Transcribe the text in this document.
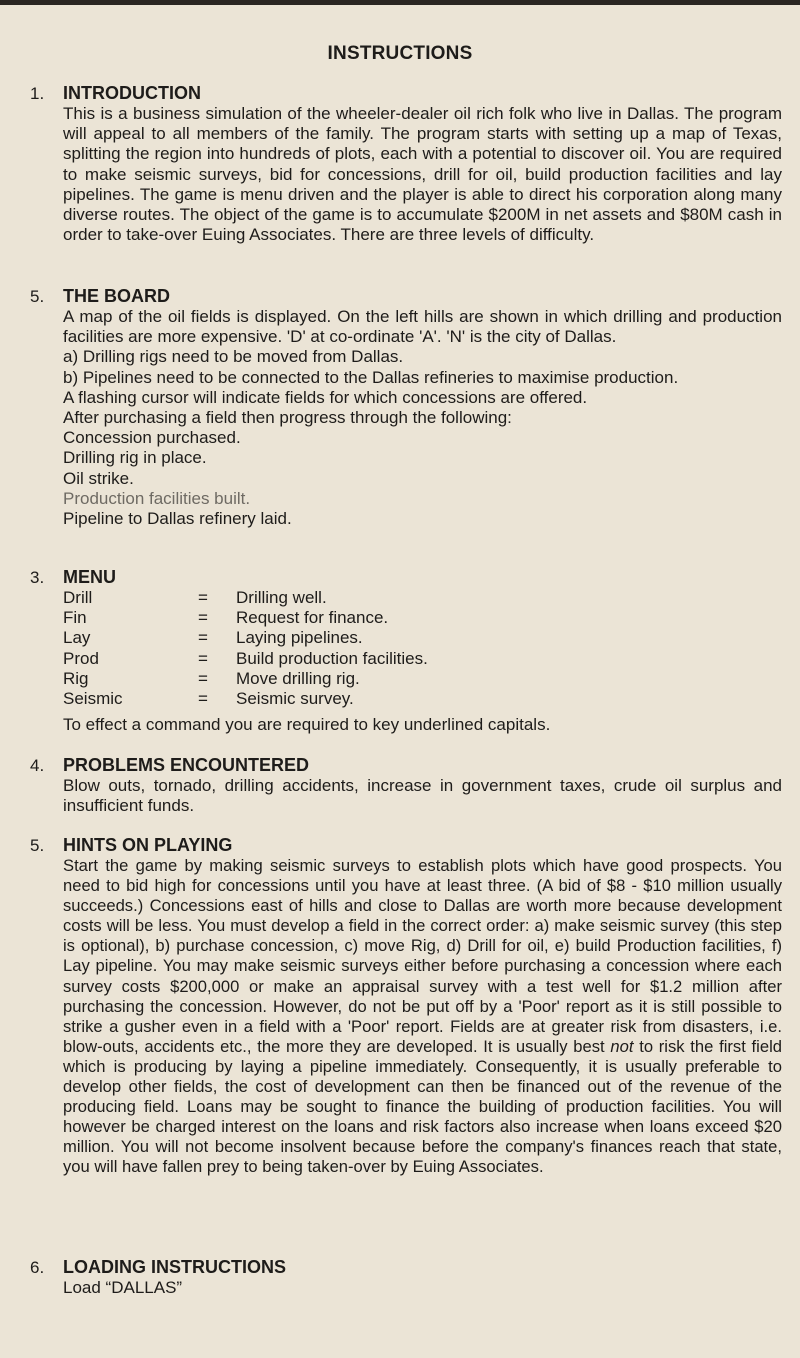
INSTRUCTIONS
1.	INTRODUCTION
This is a business simulation of the wheeler-dealer oil rich folk who live in Dallas. The program will appeal to all members of the family. The program starts with setting up a map of Texas, splitting the region into hundreds of plots, each with a potential to discover oil. You are required to make seismic surveys, bid for concessions, drill for oil, build production facilities and lay pipelines. The game is menu driven and the player is able to direct his corporation along many diverse routes. The object of the game is to accumulate $200M in net assets and $80M cash in order to take-over Euing Associates. There are three levels of difficulty.
5.	THE BOARD
A map of the oil fields is displayed. On the left hills are shown in which drilling and production facilities are more expensive. 'D' at co-ordinate 'A'. 'N' is the city of Dallas.
a) Drilling rigs need to be moved from Dallas.
b) Pipelines need to be connected to the Dallas refineries to maximise production.
A flashing cursor will indicate fields for which concessions are offered.
After purchasing a field then progress through the following:
Concession purchased.
Drilling rig in place.
Oil strike.
Production facilities built.
Pipeline to Dallas refinery laid.
3.	MENU
Drill	=	Drilling well.
Fin	=	Request for finance.
Lay	=	Laying pipelines.
Prod	=	Build production facilities.
Rig	=	Move drilling rig.
Seismic	=	Seismic survey.
To effect a command you are required to key underlined capitals.
4.	PROBLEMS ENCOUNTERED
Blow outs, tornado, drilling accidents, increase in government taxes, crude oil surplus and insufficient funds.
5.	HINTS ON PLAYING
Start the game by making seismic surveys to establish plots which have good prospects. You need to bid high for concessions until you have at least three. (A bid of $8 - $10 million usually succeeds.) Concessions east of hills and close to Dallas are worth more because development costs will be less. You must develop a field in the correct order: a) make seismic survey (this step is optional), b) purchase concession, c) move Rig, d) Drill for oil, e) build Production facilities, f) Lay pipeline. You may make seismic surveys either before purchasing a concession where each survey costs $200,000 or make an appraisal survey with a test well for $1.2 million after purchasing the concession. However, do not be put off by a 'Poor' report as it is still possible to strike a gusher even in a field with a 'Poor' report. Fields are at greater risk from disasters, i.e. blow-outs, accidents etc., the more they are developed. It is usually best not to risk the first field which is producing by laying a pipeline immediately. Consequently, it is usually preferable to develop other fields, the cost of development can then be financed out of the revenue of the producing field. Loans may be sought to finance the building of production facilities. You will however be charged interest on the loans and risk factors also increase when loans exceed $20 million. You will not become insolvent because before the company's finances reach that state, you will have fallen prey to being taken-over by Euing Associates.
6.	LOADING INSTRUCTIONS
Load “DALLAS”
